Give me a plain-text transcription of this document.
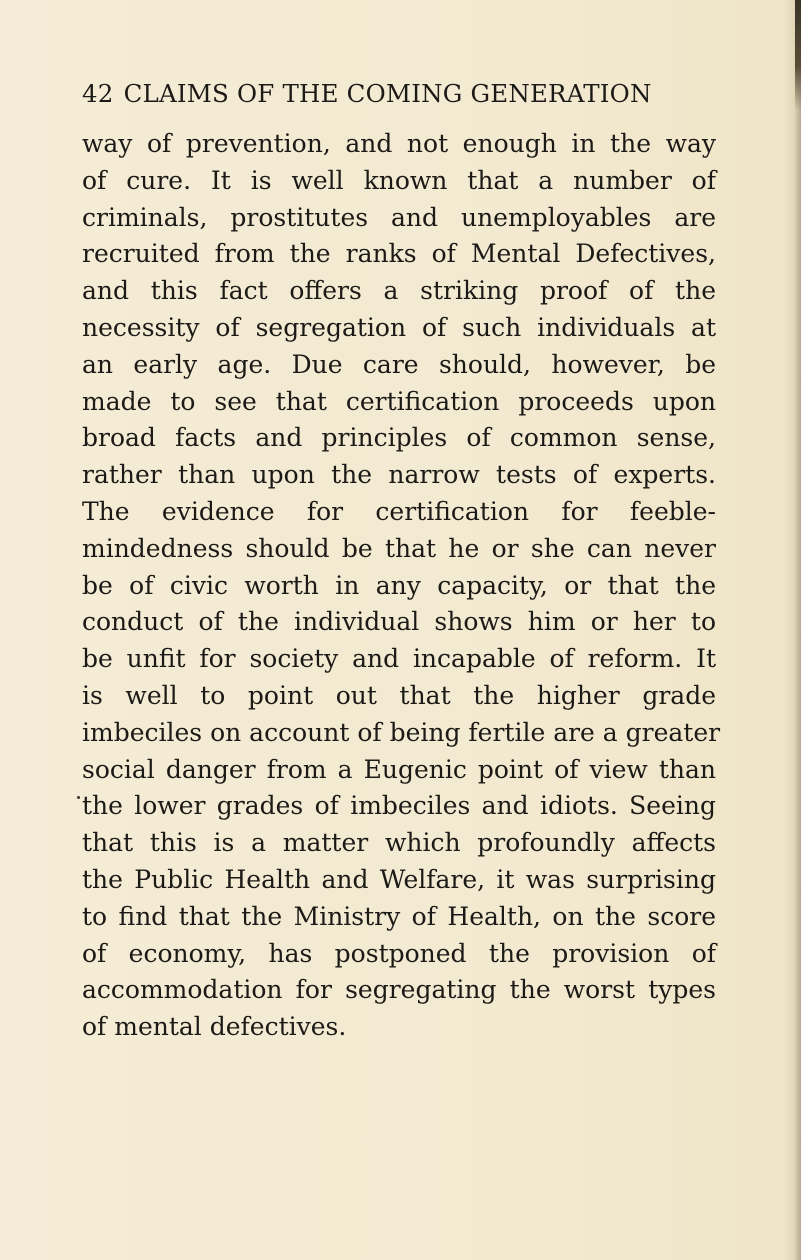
42 CLAIMS OF THE COMING GENERATION
way of prevention, and not enough in the way
of cure. It is well known that a number of
criminals, prostitutes and unemployables are
recruited from the ranks of Mental Defectives,
and this fact offers a striking proof of the
necessity of segregation of such individuals at
an early age. Due care should, however, be
made to see that certification proceeds upon
broad facts and principles of common sense,
rather than upon the narrow tests of experts.
The evidence for certification for feeble-
mindedness should be that he or she can never
be of civic worth in any capacity, or that the
conduct of the individual shows him or her to
be unfit for society and incapable of reform. It
is well to point out that the higher grade
imbeciles on account of being fertile are a greater
social danger from a Eugenic point of view than
the lower grades of imbeciles and idiots. Seeing
that this is a matter which profoundly affects
the Public Health and Welfare, it was surprising
to find that the Ministry of Health, on the score
of economy, has postponed the provision of
accommodation for segregating the worst types
of mental defectives.
